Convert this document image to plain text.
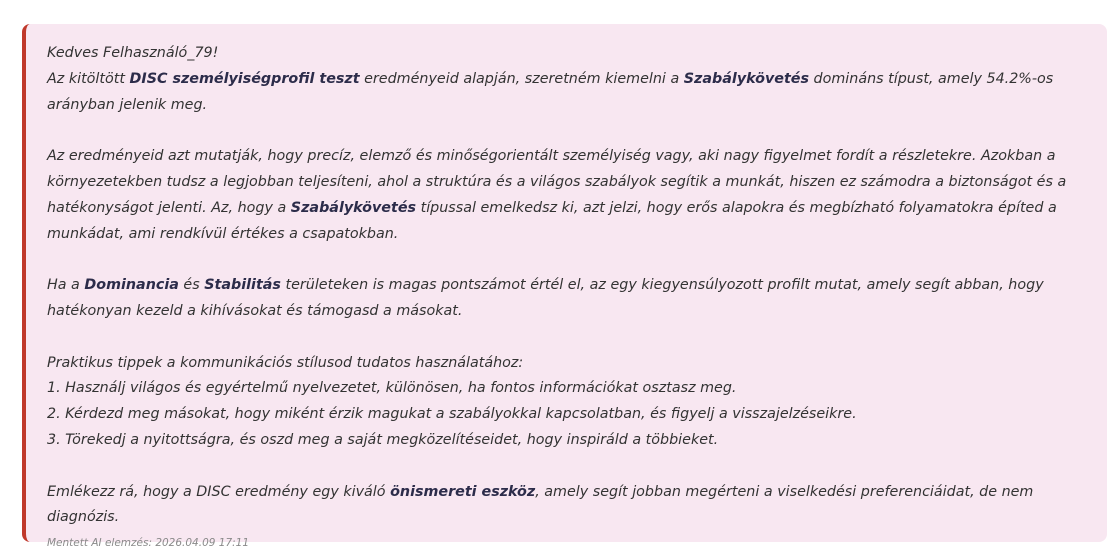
Kedves Felhasználó_79!

Az kitöltött DISC személyiségprofil teszt eredményeid alapján, szeretném kiemelni a Szabálykövetés domináns típust, amely 54.2%-os arányban jelenik meg.

Az eredményeid azt mutatják, hogy precíz, elemző és minőségorientált személyiség vagy, aki nagy figyelmet fordít a részletekre. Azokban a környezetekben tudsz a legjobban teljesíteni, ahol a struktúra és a világos szabályok segítik a munkát, hiszen ez számodra a biztonságot és a hatékonyságot jelenti. Az, hogy a Szabálykövetés típussal emelkedsz ki, azt jelzi, hogy erős alapokra és megbízható folyamatokra építed a munkádat, ami rendkívül értékes a csapatokban.

Ha a Dominancia és Stabilitás területeken is magas pontszámot értél el, az egy kiegyensúlyozott profilt mutat, amely segít abban, hogy hatékonyan kezeld a kihívásokat és támogasd a másokat.

Praktikus tippek a kommunikációs stílusod tudatos használatához:

1. Használj világos és egyértelmű nyelvezetet, különösen, ha fontos információkat osztasz meg.

2. Kérdezd meg másokat, hogy miként érzik magukat a szabályokkal kapcsolatban, és figyelj a visszajelzéseikre.

3. Törekedj a nyitottságra, és oszd meg a saját megközelítéseidet, hogy inspiráld a többieket.

Emlékezz rá, hogy a DISC eredmény egy kiváló önismereti eszköz, amely segít jobban megérteni a viselkedési preferenciáidat, de nem diagnózis.

Mentett AI elemzés: 2026.04.09 17:11
